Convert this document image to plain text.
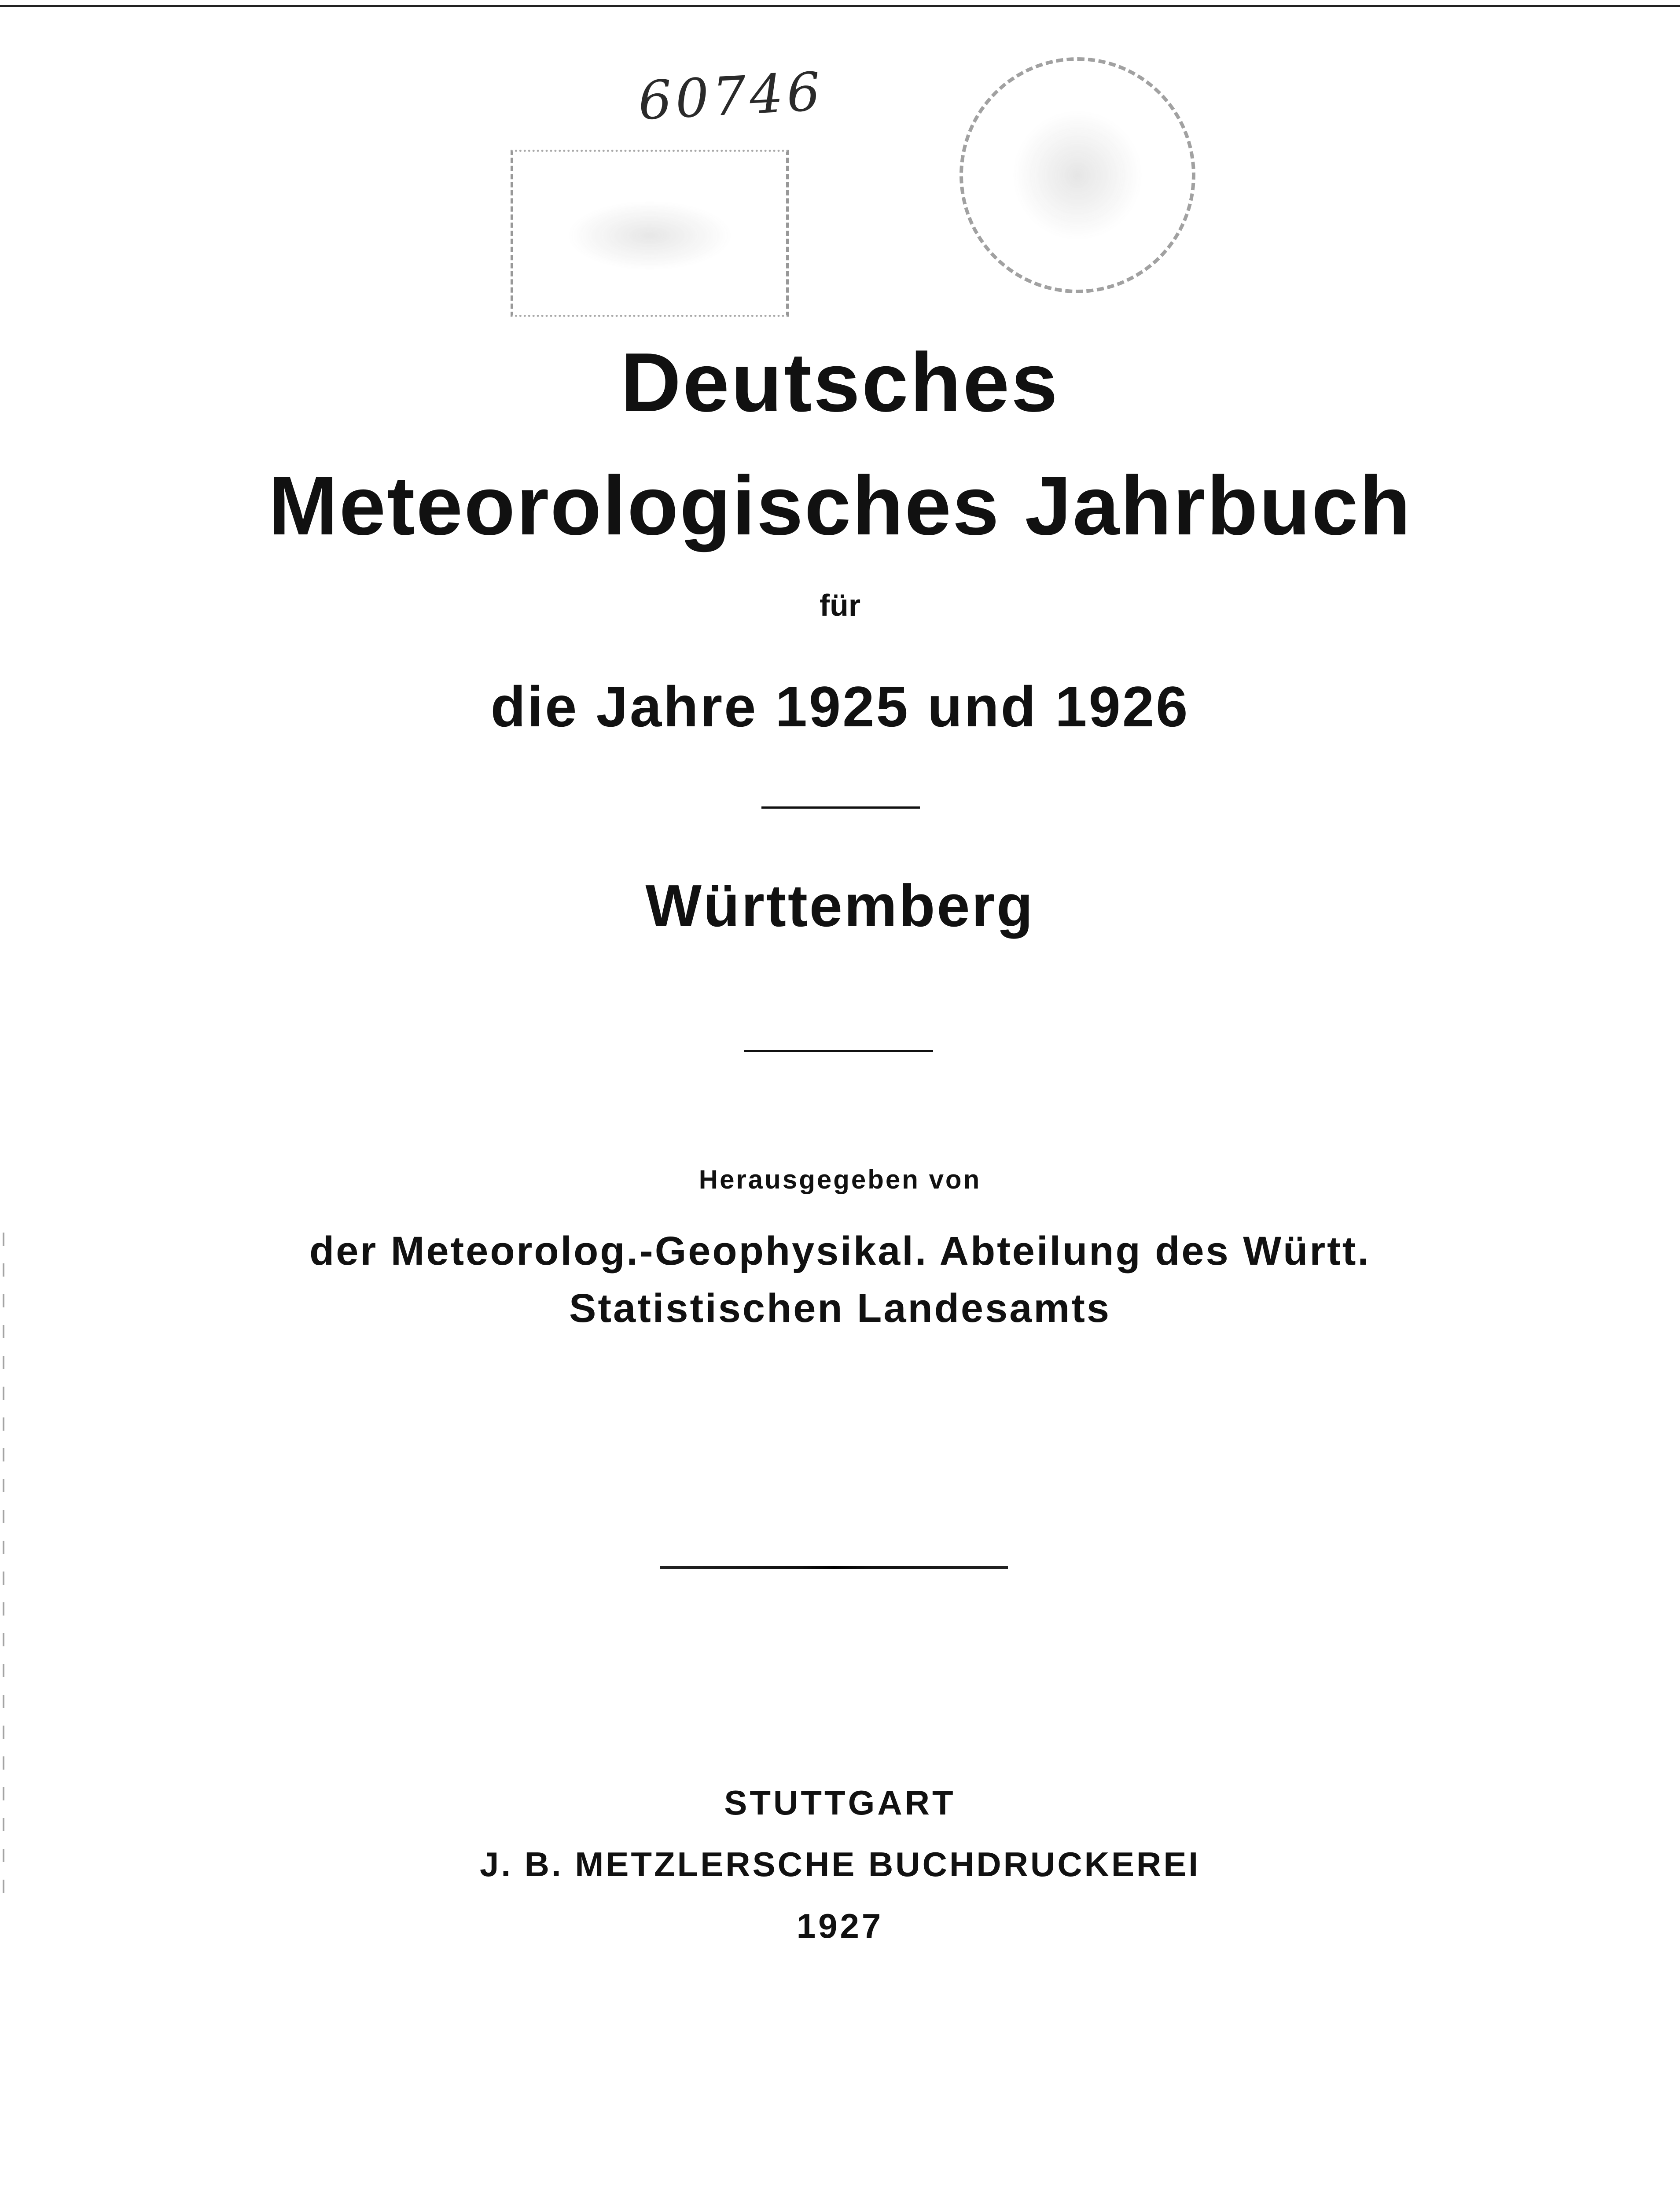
60746
Deutsches
Meteorologisches Jahrbuch
für
die Jahre 1925 und 1926
Württemberg
Herausgegeben von
der Meteorolog.-Geophysikal. Abteilung des Württ.
Statistischen Landesamts
STUTTGART
J. B. METZLERSCHE BUCHDRUCKEREI
1927
